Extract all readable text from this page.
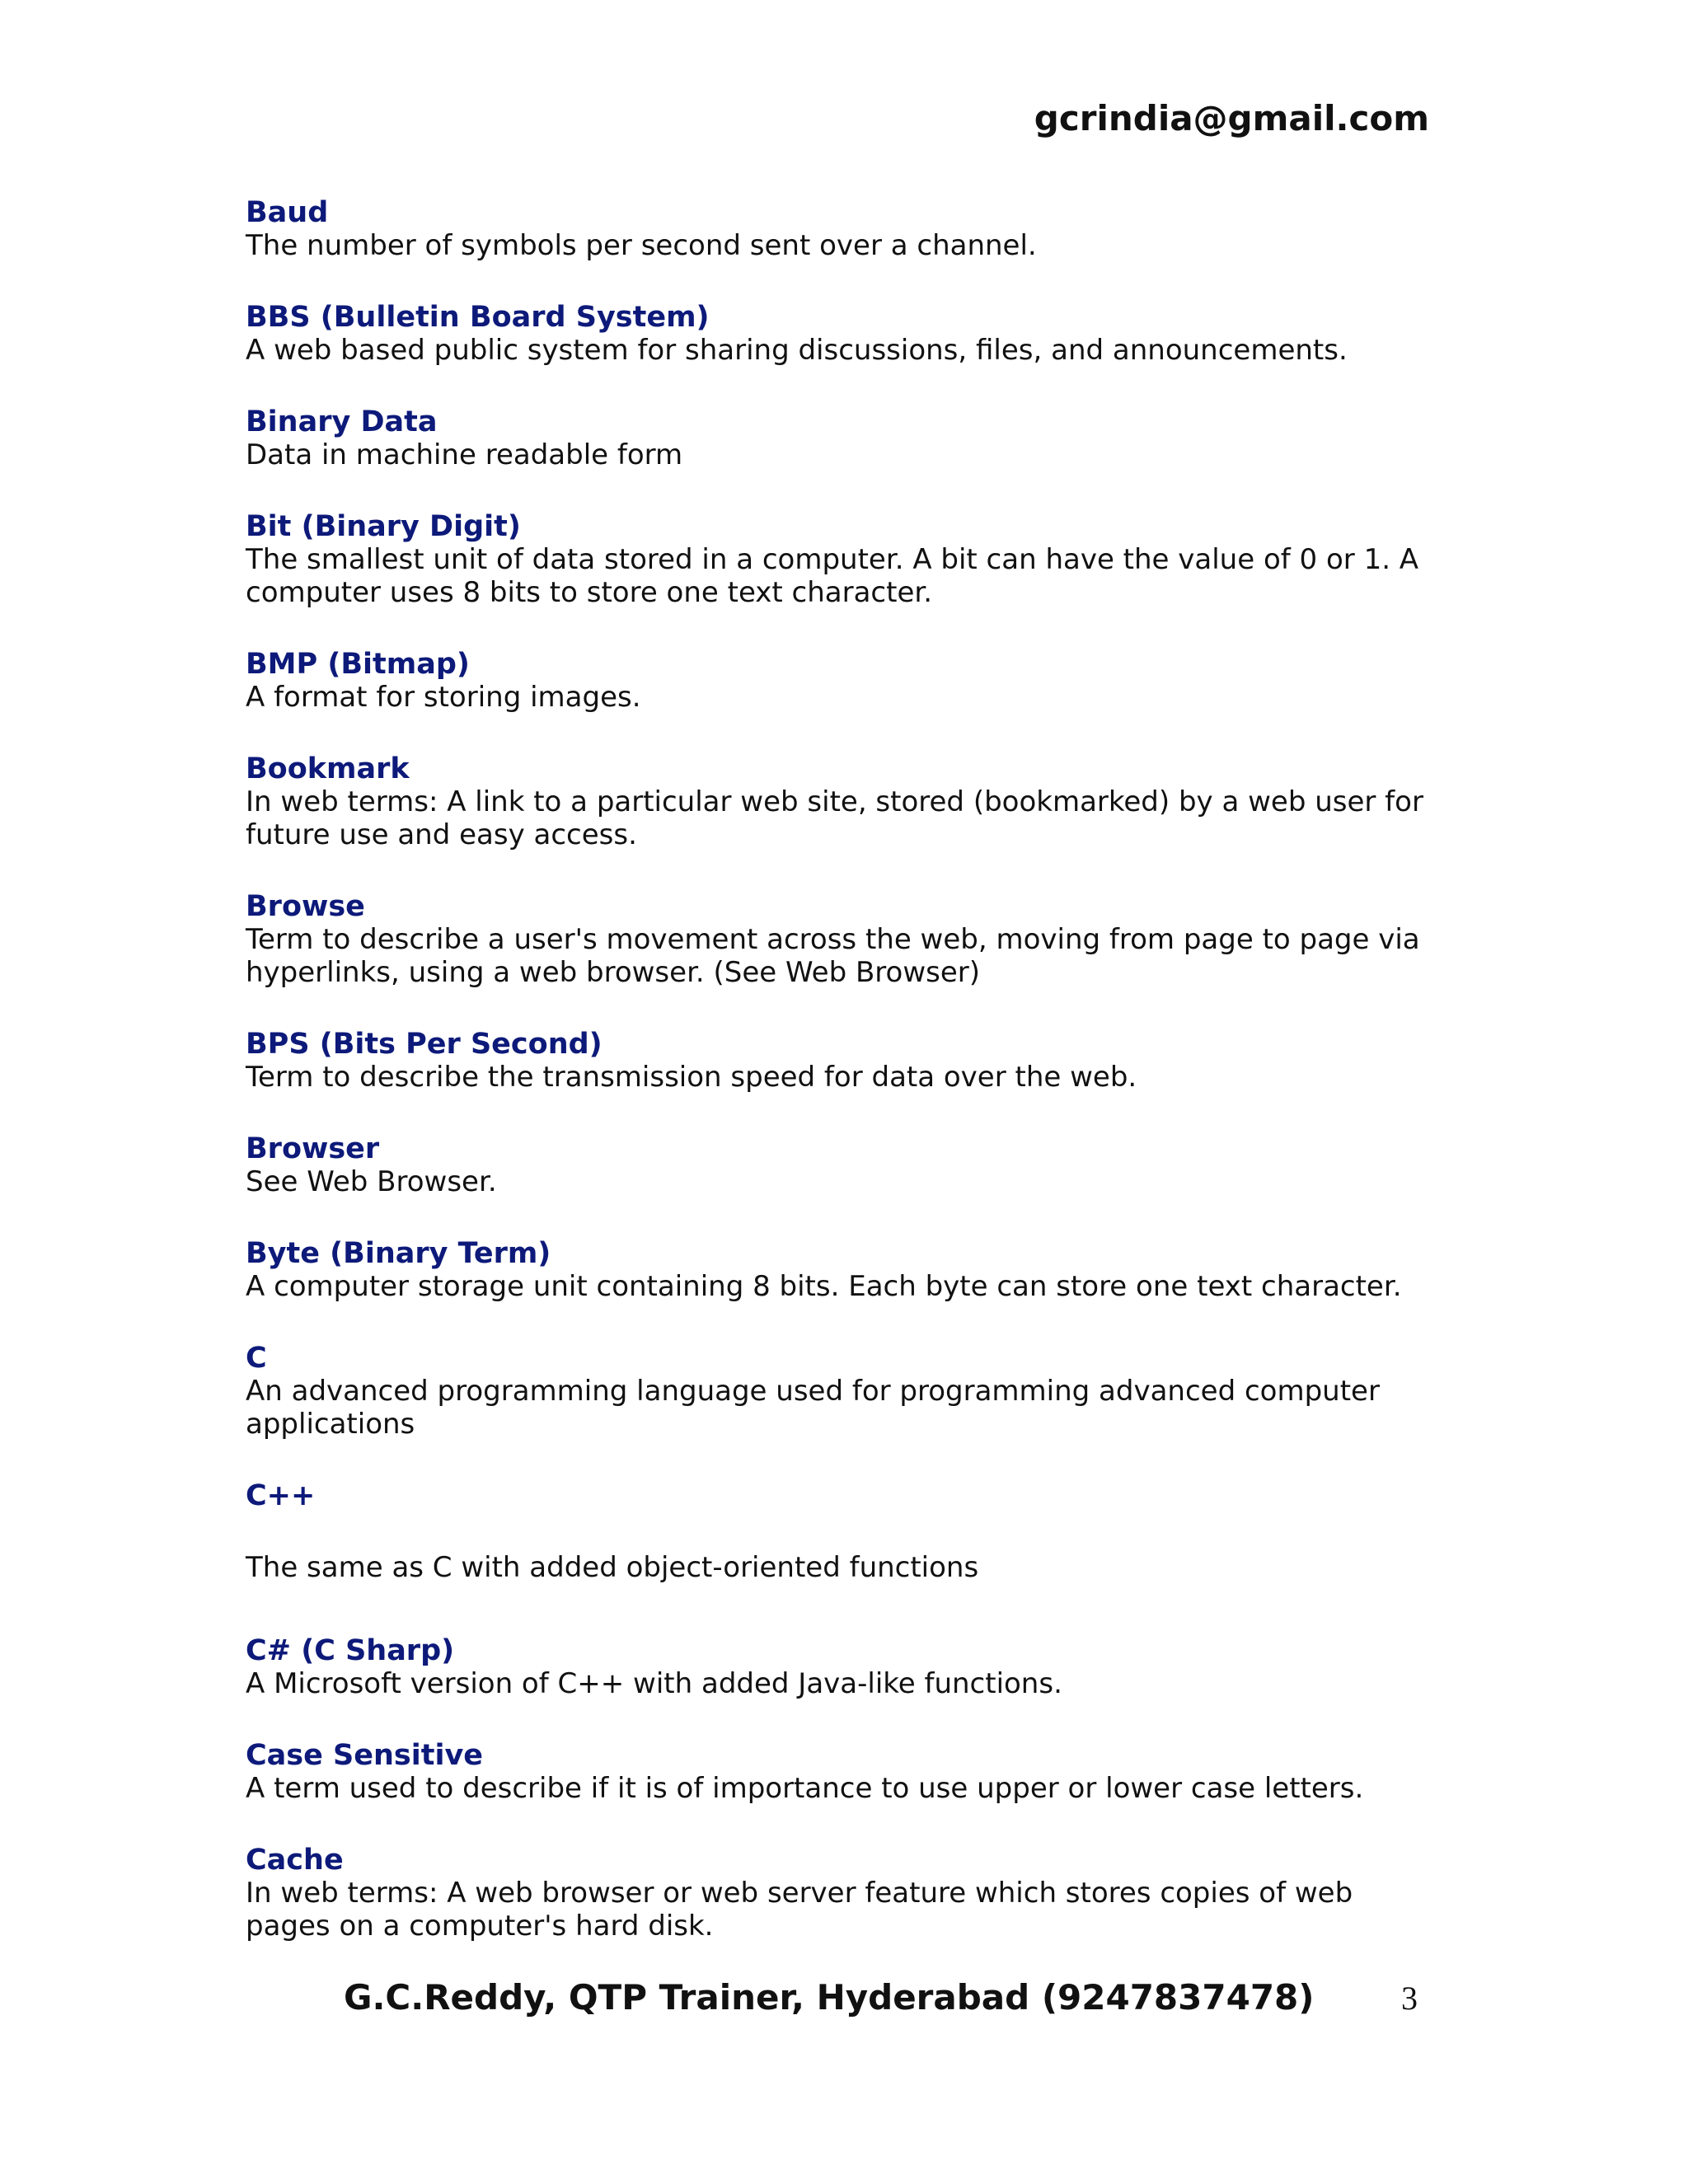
gcrindia@gmail.com
Baud
The number of symbols per second sent over a channel.
BBS (Bulletin Board System)
A web based public system for sharing discussions, files, and announcements.
Binary Data
Data in machine readable form
Bit (Binary Digit)
The smallest unit of data stored in a computer. A bit can have the value of 0 or 1. A
computer uses 8 bits to store one text character.
BMP (Bitmap)
A format for storing images.
Bookmark
In web terms: A link to a particular web site, stored (bookmarked) by a web user for
future use and easy access.
Browse
Term to describe a user's movement across the web, moving from page to page via
hyperlinks, using a web browser. (See Web Browser)
BPS (Bits Per Second)
Term to describe the transmission speed for data over the web.
Browser
See Web Browser.
Byte (Binary Term)
A computer storage unit containing 8 bits. Each byte can store one text character.
C
An advanced programming language used for programming advanced computer
applications
C++
The same as C with added object-oriented functions
C# (C Sharp)
A Microsoft version of C++ with added Java-like functions.
Case Sensitive
A term used to describe if it is of importance to use upper or lower case letters.
Cache
In web terms: A web browser or web server feature which stores copies of web
pages on a computer's hard disk.
G.C.Reddy, QTP Trainer, Hyderabad (9247837478)	3
